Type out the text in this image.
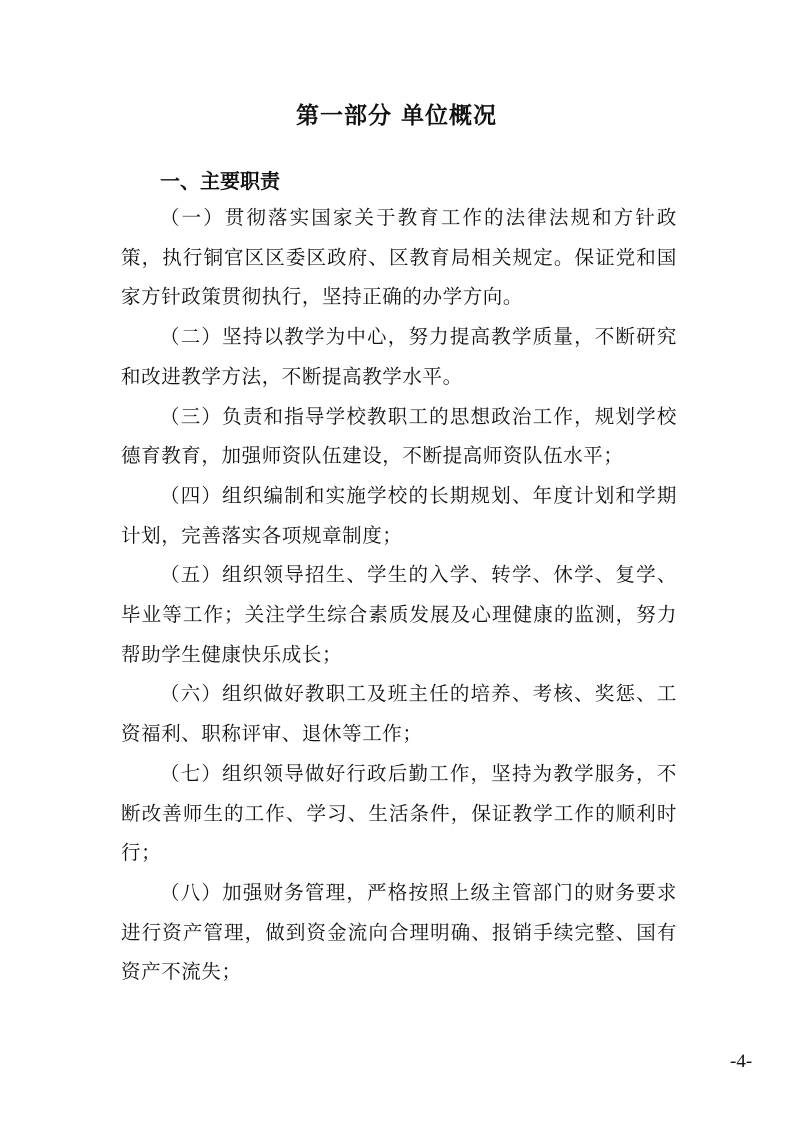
第一部分 单位概况
一、主要职责

（一）贯彻落实国家关于教育工作的法律法规和方针政策，执行铜官区区委区政府、区教育局相关规定。保证党和国家方针政策贯彻执行，坚持正确的办学方向。

（二）坚持以教学为中心，努力提高教学质量，不断研究和改进教学方法，不断提高教学水平。

（三）负责和指导学校教职工的思想政治工作，规划学校德育教育，加强师资队伍建设，不断提高师资队伍水平；

（四）组织编制和实施学校的长期规划、年度计划和学期计划，完善落实各项规章制度；

（五）组织领导招生、学生的入学、转学、休学、复学、毕业等工作；关注学生综合素质发展及心理健康的监测，努力帮助学生健康快乐成长；

（六）组织做好教职工及班主任的培养、考核、奖惩、工资福利、职称评审、退休等工作；

（七）组织领导做好行政后勤工作，坚持为教学服务，不断改善师生的工作、学习、生活条件，保证教学工作的顺利时行；

（八）加强财务管理，严格按照上级主管部门的财务要求进行资产管理，做到资金流向合理明确、报销手续完整、国有资产不流失；

-4-
